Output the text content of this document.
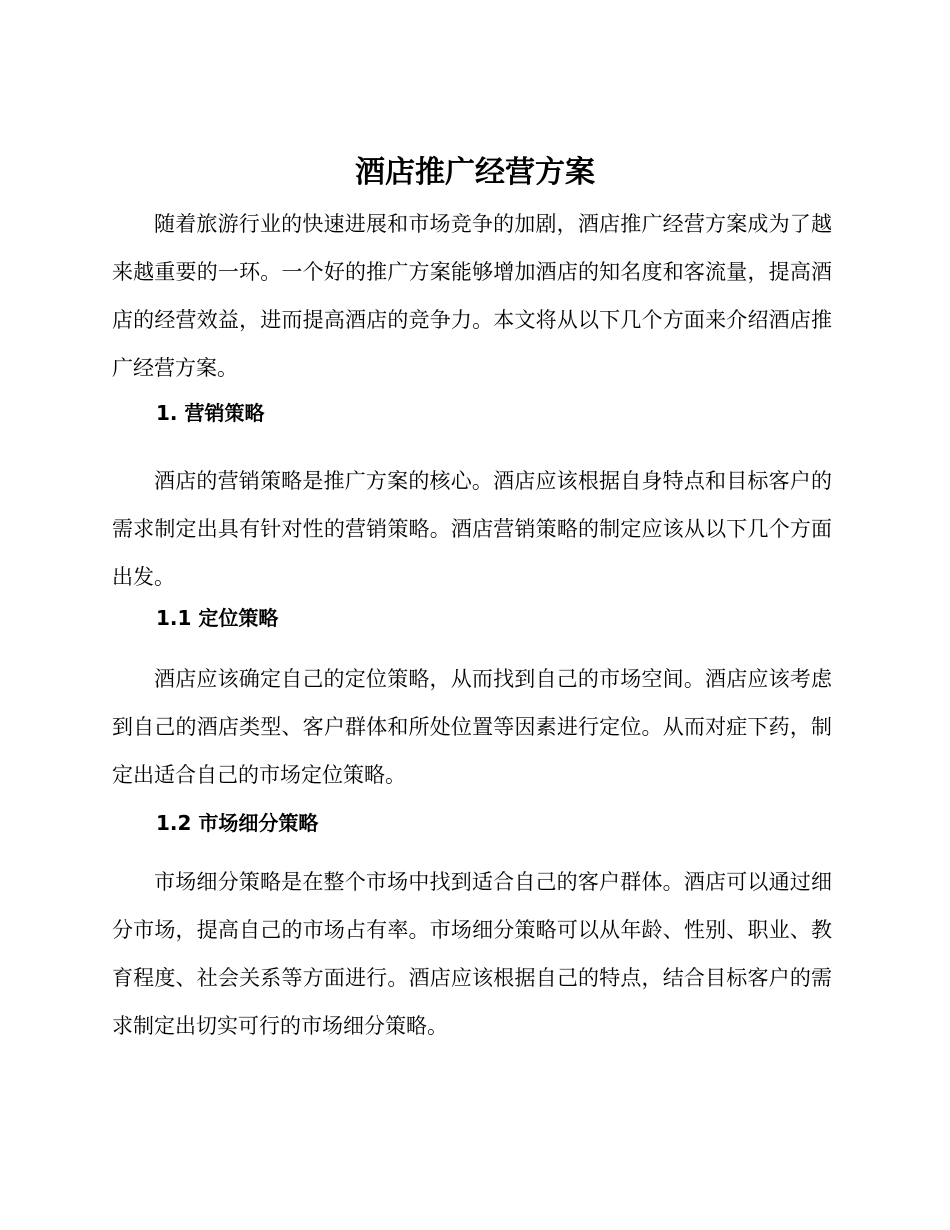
酒店推广经营方案

随着旅游行业的快速进展和市场竞争的加剧，酒店推广经营方案成为了越来越重要的一环。一个好的推广方案能够增加酒店的知名度和客流量，提高酒店的经营效益，进而提高酒店的竞争力。本文将从以下几个方面来介绍酒店推广经营方案。

1. 营销策略

酒店的营销策略是推广方案的核心。酒店应该根据自身特点和目标客户的需求制定出具有针对性的营销策略。酒店营销策略的制定应该从以下几个方面出发。

1.1 定位策略

酒店应该确定自己的定位策略，从而找到自己的市场空间。酒店应该考虑到自己的酒店类型、客户群体和所处位置等因素进行定位。从而对症下药，制定出适合自己的市场定位策略。

1.2 市场细分策略

市场细分策略是在整个市场中找到适合自己的客户群体。酒店可以通过细分市场，提高自己的市场占有率。市场细分策略可以从年龄、性别、职业、教育程度、社会关系等方面进行。酒店应该根据自己的特点，结合目标客户的需求制定出切实可行的市场细分策略。
